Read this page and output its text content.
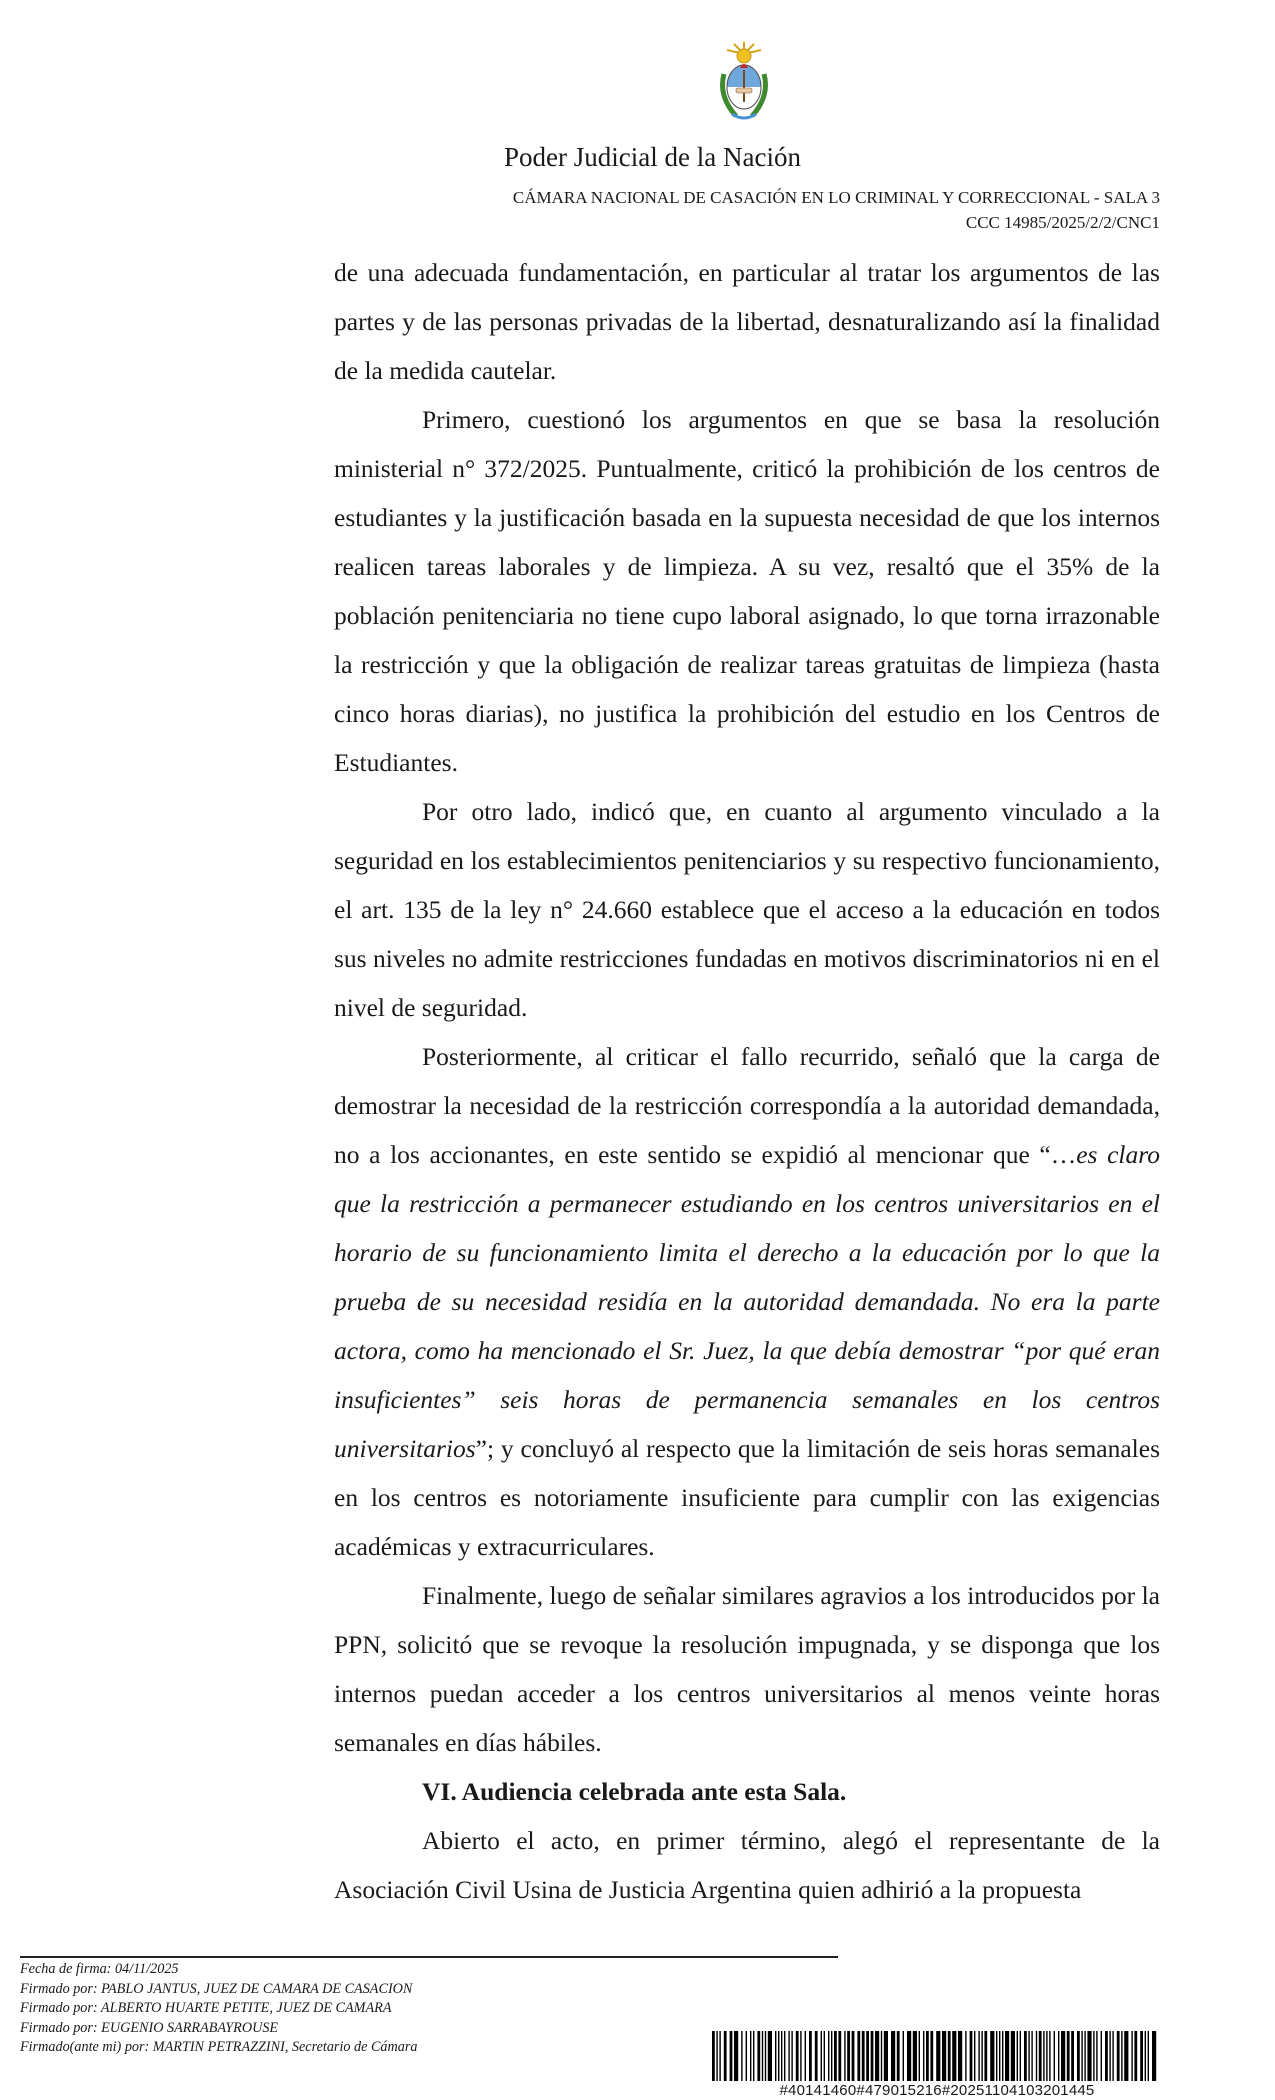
Poder Judicial de la Nación
CÁMARA NACIONAL DE CASACIÓN EN LO CRIMINAL Y CORRECCIONAL - SALA 3
CCC 14985/2025/2/2/CNC1

de una adecuada fundamentación, en particular al tratar los argumentos de las partes y de las personas privadas de la libertad, desnaturalizando así la finalidad de la medida cautelar.

Primero, cuestionó los argumentos en que se basa la resolución ministerial n° 372/2025. Puntualmente, criticó la prohibición de los centros de estudiantes y la justificación basada en la supuesta necesidad de que los internos realicen tareas laborales y de limpieza. A su vez, resaltó que el 35% de la población penitenciaria no tiene cupo laboral asignado, lo que torna irrazonable la restricción y que la obligación de realizar tareas gratuitas de limpieza (hasta cinco horas diarias), no justifica la prohibición del estudio en los Centros de Estudiantes.

Por otro lado, indicó que, en cuanto al argumento vinculado a la seguridad en los establecimientos penitenciarios y su respectivo funcionamiento, el art. 135 de la ley n° 24.660 establece que el acceso a la educación en todos sus niveles no admite restricciones fundadas en motivos discriminatorios ni en el nivel de seguridad.

Posteriormente, al criticar el fallo recurrido, señaló que la carga de demostrar la necesidad de la restricción correspondía a la autoridad demandada, no a los accionantes, en este sentido se expidió al mencionar que “…es claro que la restricción a permanecer estudiando en los centros universitarios en el horario de su funcionamiento limita el derecho a la educación por lo que la prueba de su necesidad residía en la autoridad demandada. No era la parte actora, como ha mencionado el Sr. Juez, la que debía demostrar “por qué eran insuficientes” seis horas de permanencia semanales en los centros universitarios”; y concluyó al respecto que la limitación de seis horas semanales en los centros es notoriamente insuficiente para cumplir con las exigencias académicas y extracurriculares.

Finalmente, luego de señalar similares agravios a los introducidos por la PPN, solicitó que se revoque la resolución impugnada, y se disponga que los internos puedan acceder a los centros universitarios al menos veinte horas semanales en días hábiles.

VI. Audiencia celebrada ante esta Sala.

Abierto el acto, en primer término, alegó el representante de la Asociación Civil Usina de Justicia Argentina quien adhirió a la propuesta

Fecha de firma: 04/11/2025
Firmado por: PABLO JANTUS, JUEZ DE CAMARA DE CASACION
Firmado por: ALBERTO HUARTE PETITE, JUEZ DE CAMARA
Firmado por: EUGENIO SARRABAYROUSE
Firmado(ante mi) por: MARTIN PETRAZZINI, Secretario de Cámara
#40141460#479015216#20251104103201445
